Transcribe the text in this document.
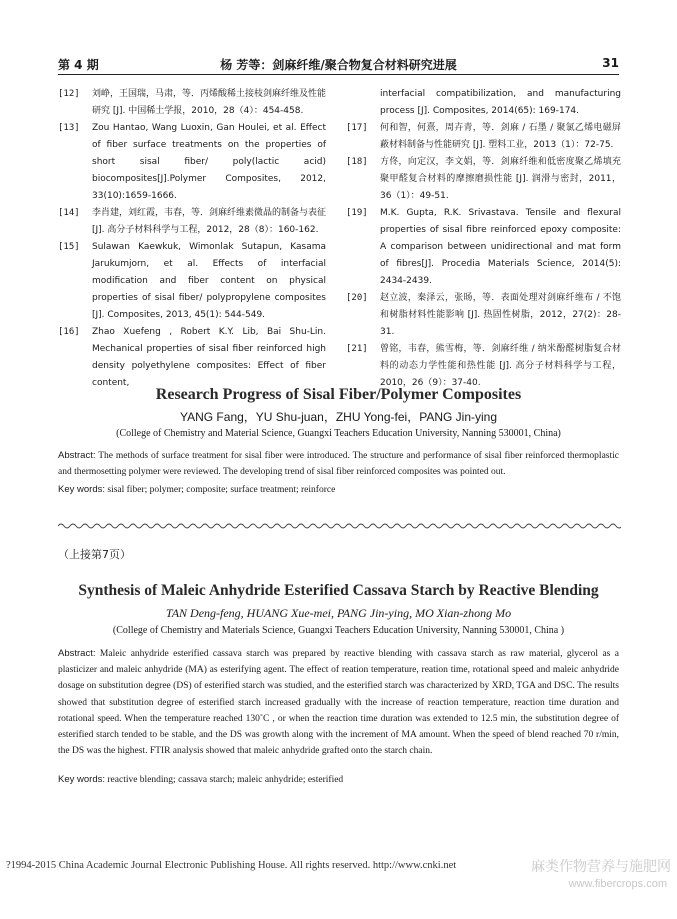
第 4 期	杨 芳等：剑麻纤维/聚合物复合材料研究进展	31
[12]	刘峥，王国瑞，马肃，等．丙烯酸稀土接枝剑麻纤维及性能研究 [J]. 中国稀土学报，2010，28（4）：454-458.
[13]	Zou Hantao, Wang Luoxin, Gan Houlei, et al. Effect of fiber surface treatments on the properties of short sisal fiber/ poly(lactic acid) biocomposites[J].Polymer Composites, 2012, 33(10):1659-1666.
[14]	李肖建，刘红霞，韦春，等．剑麻纤维素微晶的制备与表征 [J]. 高分子材料科学与工程，2012，28（8）：160-162.
[15]	Sulawan Kaewkuk, Wimonlak Sutapun, Kasama Jarukumjorn, et al. Effects of interfacial modification and fiber content on physical properties of sisal fiber/ polypropylene composites [J]. Composites, 2013, 45(1): 544-549.
[16]	Zhao Xuefeng , Robert K.Y. Lib, Bai Shu-Lin. Mechanical properties of sisal fiber reinforced high density polyethylene composites: Effect of fiber content,
interfacial compatibilization, and manufacturing process [J]. Composites, 2014(65): 169-174.
[17]	何和智，何熹，周卉青，等．剑麻 / 石墨 / 聚氯乙烯电磁屏蔽材料制备与性能研究 [J]. 塑料工业，2013（1）：72-75.
[18]	方佟，向定汉，李文娟，等．剑麻纤维和低密度聚乙烯填充聚甲醛复合材料的摩擦磨损性能 [J]. 润滑与密封，2011，36（1）：49-51.
[19]	M.K. Gupta, R.K. Srivastava. Tensile and flexural properties of sisal fibre reinforced epoxy composite: A comparison between unidirectional and mat form of fibres[J]. Procedia Materials Science, 2014(5): 2434-2439.
[20]	赵立波，秦泽云，张旸，等．表面处理对剑麻纤维布 / 不饱和树脂材料性能影响 [J]. 热固性树脂，2012，27(2)：28-31.
[21]	曾铭，韦春，熊雪梅，等．剑麻纤维 / 纳米酚醛树脂复合材料的动态力学性能和热性能 [J]. 高分子材料科学与工程，2010，26（9）：37-40.
Research Progress of Sisal Fiber/Polymer Composites
YANG Fang，YU Shu-juan，ZHU Yong-fei，PANG Jin-ying
(College of Chemistry and Material Science, Guangxi Teachers Education University, Nanning 530001, China)
Abstract: The methods of surface treatment for sisal fiber were introduced. The structure and performance of sisal fiber reinforced thermoplastic and thermosetting polymer were reviewed. The developing trend of sisal fiber reinforced composites was pointed out.
Key words: sisal fiber; polymer; composite; surface treatment; reinforce
（上接第7页）
Synthesis of Maleic Anhydride Esterified Cassava Starch by Reactive Blending
TAN Deng-feng, HUANG Xue-mei, PANG Jin-ying, MO Xian-zhong Mo
(College of Chemistry and Materials Science, Guangxi Teachers Education University, Nanning 530001, China )
Abstract: Maleic anhydride esterified cassava starch was prepared by reactive blending with cassava starch as raw material, glycerol as a plasticizer and maleic anhydride (MA) as esterifying agent. The effect of reation temperature, reation time, rotational speed and maleic anhydride dosage on substitution degree (DS) of esterified starch was studied, and the esterified starch was characterized by XRD, TGA and DSC. The results showed that substitution degree of esterified starch increased gradually with the increase of reaction temperature, reaction time duration and rotational speed. When the temperature reached 130˚C , or when the reaction time duration was extended to 12.5 min, the substitution degree of esterified starch tended to be stable, and the DS was growth along with the increment of MA amount. When the speed of blend reached 70 r/min, the DS was the highest. FTIR analysis showed that maleic anhydride grafted onto the starch chain.
Key words: reactive blending; cassava starch; maleic anhydride; esterified
?1994-2015 China Academic Journal Electronic Publishing House. All rights reserved. http://www.cnki.net	麻类作物营养与施肥网
www.fibercrops.com
